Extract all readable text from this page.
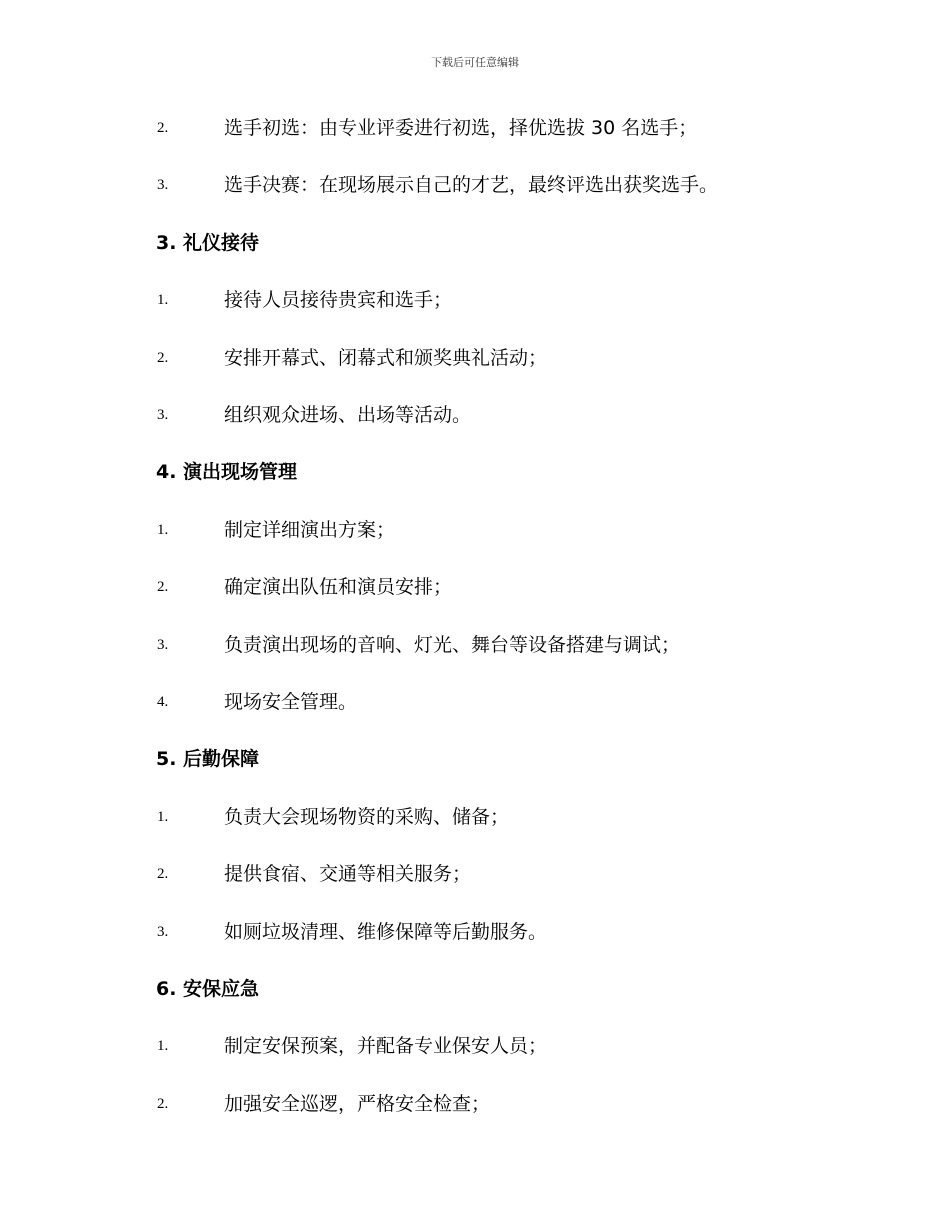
下载后可任意编辑
2.	选手初选：由专业评委进行初选，择优选拔 30 名选手；
3.	选手决赛：在现场展示自己的才艺，最终评选出获奖选手。
3. 礼仪接待
1.	接待人员接待贵宾和选手；
2.	安排开幕式、闭幕式和颁奖典礼活动；
3.	组织观众进场、出场等活动。
4. 演出现场管理
1.	制定详细演出方案；
2.	确定演出队伍和演员安排；
3.	负责演出现场的音响、灯光、舞台等设备搭建与调试；
4.	现场安全管理。
5. 后勤保障
1.	负责大会现场物资的采购、储备；
2.	提供食宿、交通等相关服务；
3.	如厕垃圾清理、维修保障等后勤服务。
6. 安保应急
1.	制定安保预案，并配备专业保安人员；
2.	加强安全巡逻，严格安全检查；
